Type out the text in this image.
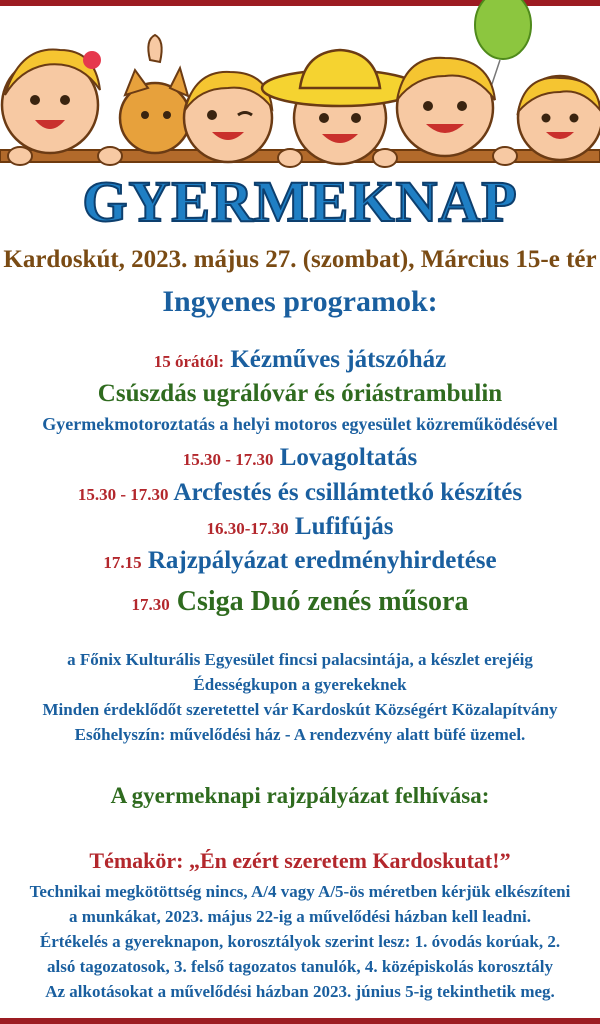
GYERMEKNAP
Kardoskút, 2023. május 27. (szombat), Március 15-e tér
Ingyenes programok:
15 órától: Kézműves játszóház
Csúszdás ugrálóvár és óriástrambulin
Gyermekmotoroztatás a helyi motoros egyesület közreműködésével
15.30 - 17.30 Lovagoltatás
15.30 - 17.30 Arcfestés és csillámtetkó készítés
16.30-17.30 Lufifújás
17.15 Rajzpályázat eredményhirdetése
17.30 Csiga Duó zenés műsora
a Főnix Kulturális Egyesület fincsi palacsintája, a készlet erejéig
Édességkupon a gyerekeknek
Minden érdeklődőt szeretettel vár Kardoskút Községért Közalapítvány
Esőhelyszín: művelődési ház - A rendezvény alatt büfé üzemel.
A gyermeknapi rajzpályázat felhívása:
Témakör: „Én ezért szeretem Kardoskutat!”
Technikai megkötöttség nincs, A/4 vagy A/5-ös méretben kérjük elkészíteni
a munkákat, 2023. május 22-ig a művelődési házban kell leadni.
Értékelés a gyereknapon, korosztályok szerint lesz: 1. óvodás korúak, 2.
alsó tagozatosok, 3. felső tagozatos tanulók, 4. középiskolás korosztály
Az alkotásokat a művelődési házban 2023. június 5-ig tekinthetik meg.
